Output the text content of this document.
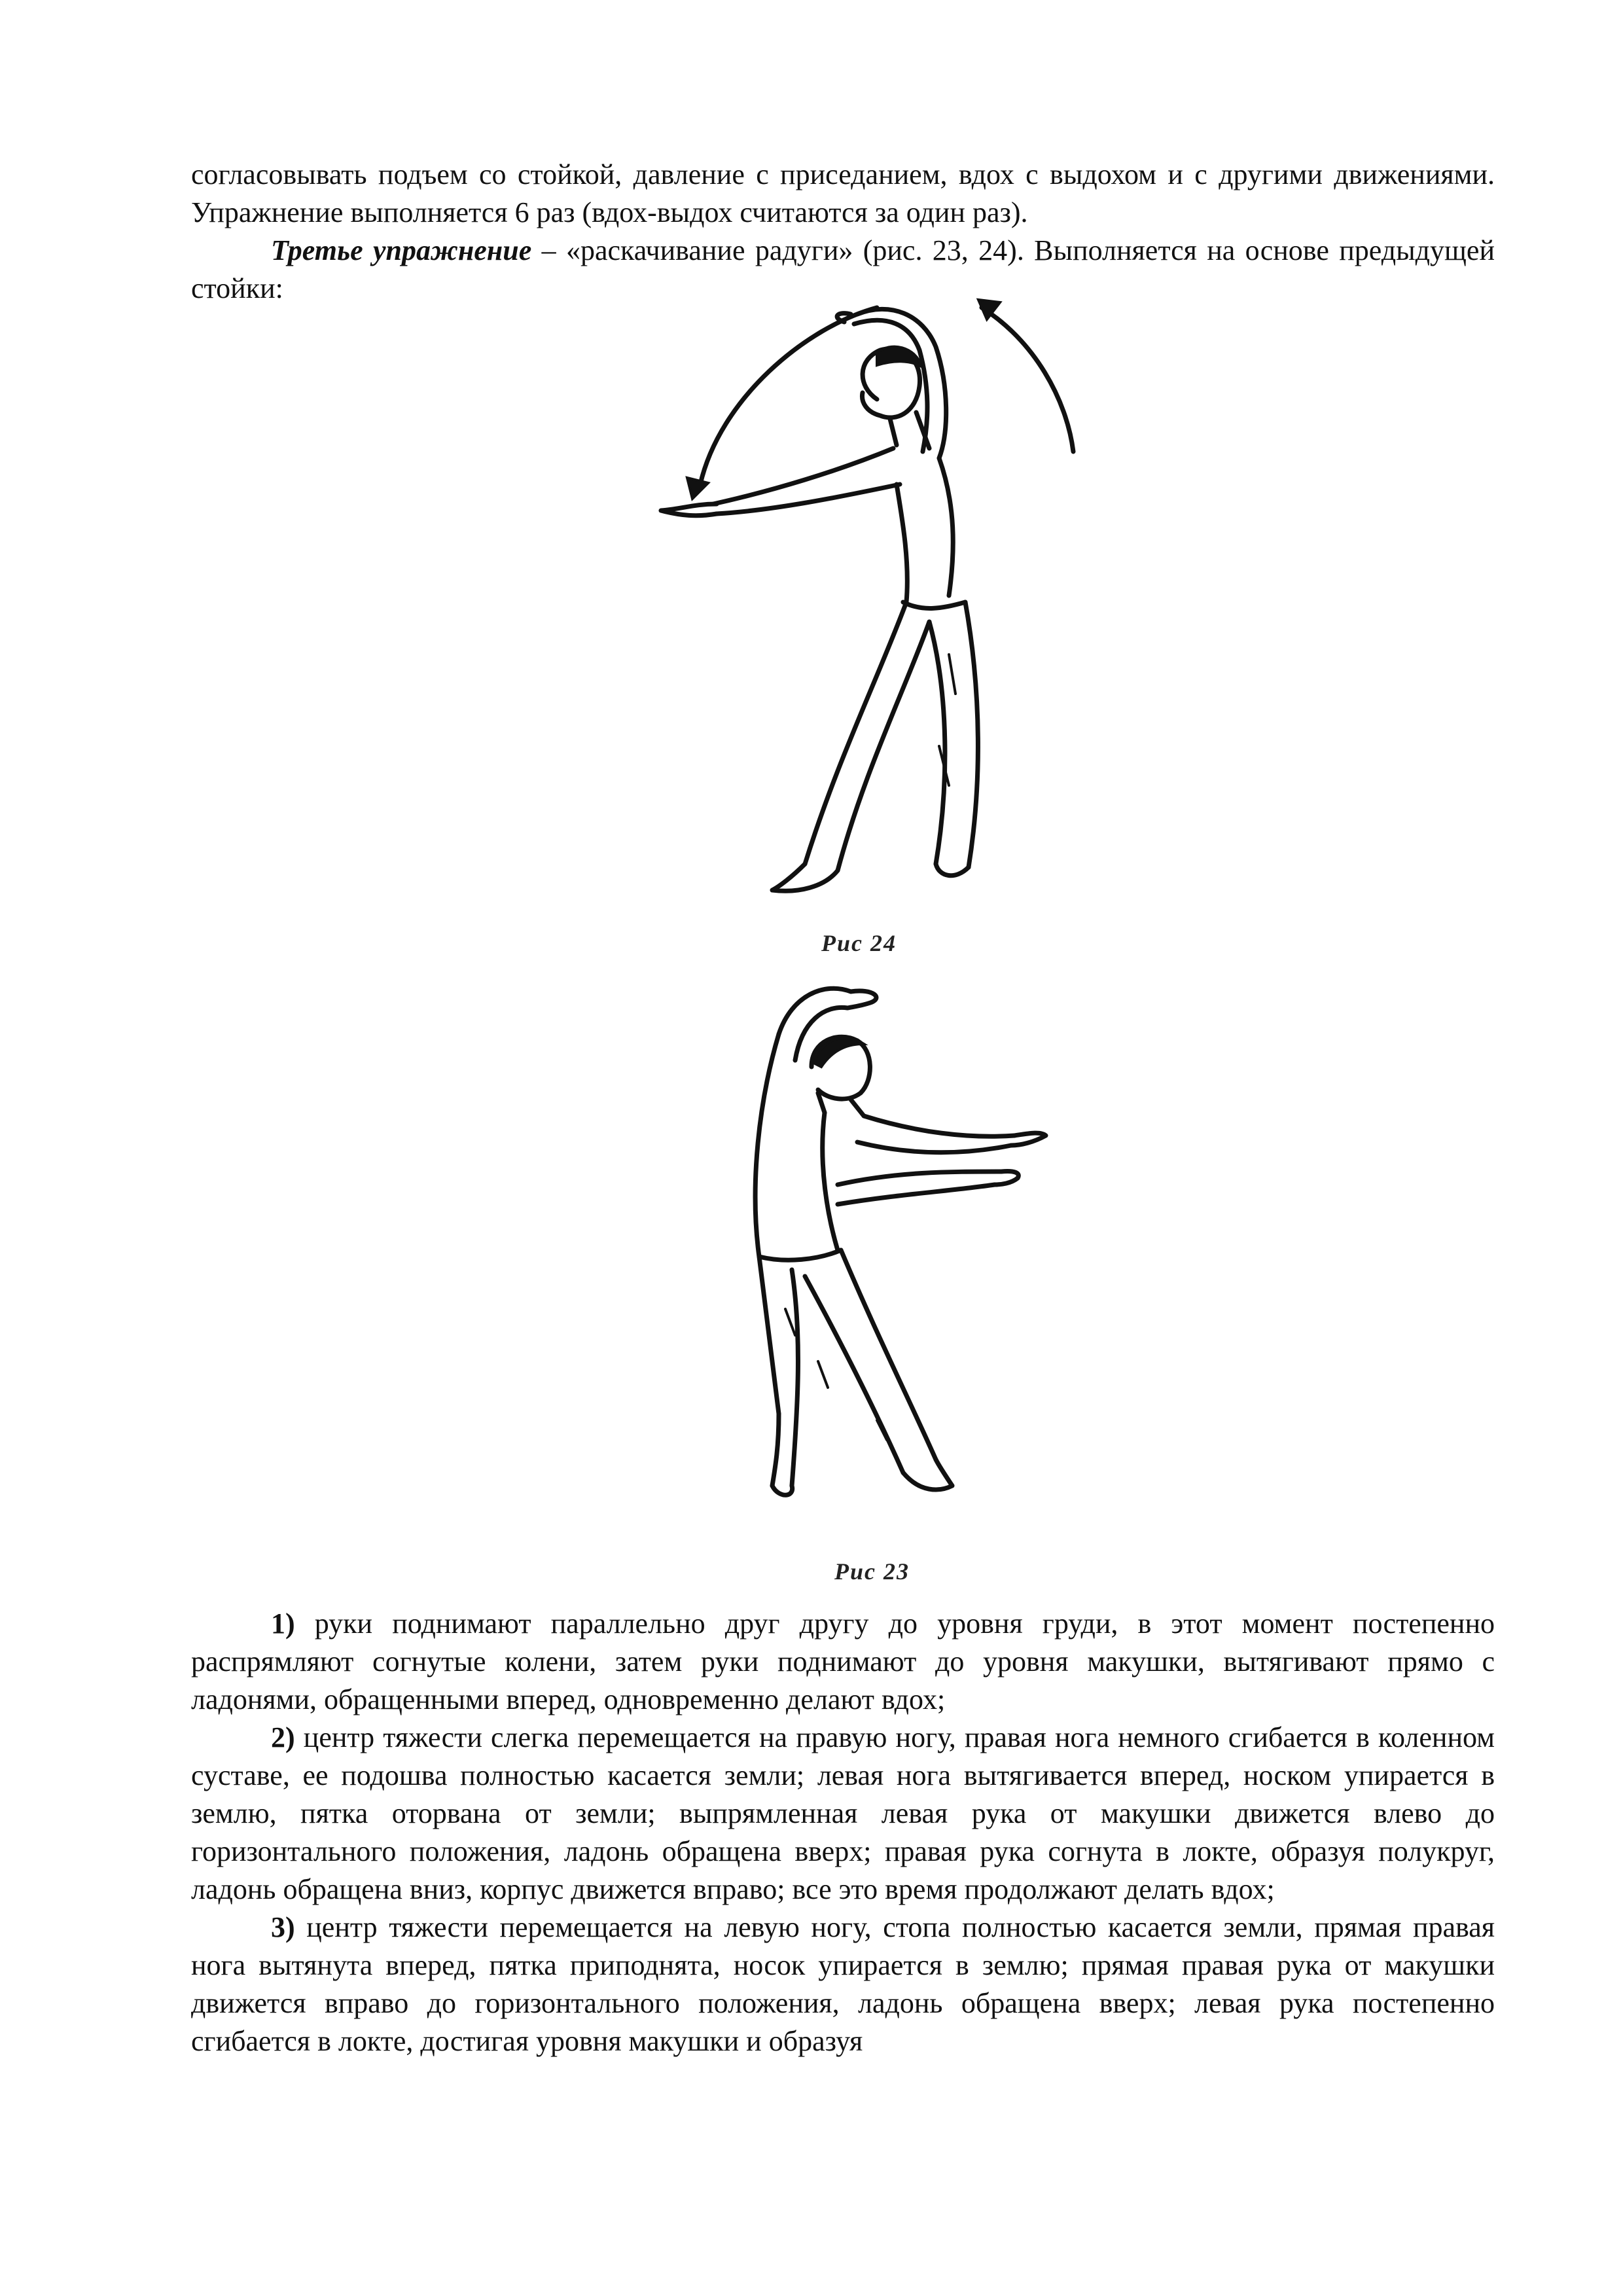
согласовывать подъем со стойкой, давление с приседанием, вдох с выдохом и с другими движениями. Упражнение выполняется 6 раз (вдох-выдох считаются за один раз).

Третье упражнение – «раскачивание радуги» (рис. 23, 24). Выполняется на основе предыдущей стойки:

Рис 24
Рис 23

1) руки поднимают параллельно друг другу до уровня груди, в этот момент постепенно распрямляют согнутые колени, затем руки поднимают до уровня макушки, вытягивают прямо с ладонями, обращенными вперед, одновременно делают вдох;

2) центр тяжести слегка перемещается на правую ногу, правая нога немного сгибается в коленном суставе, ее подошва полностью касается земли; левая нога вытягивается вперед, носком упирается в землю, пятка оторвана от земли; выпрямленная левая рука от макушки движется влево до горизонтального положения, ладонь обращена вверх; правая рука согнута в локте, образуя полукруг, ладонь обращена вниз, корпус движется вправо; все это время продолжают делать вдох;

3) центр тяжести перемещается на левую ногу, стопа полностью касается земли, прямая правая нога вытянута вперед, пятка приподнята, носок упирается в землю; прямая правая рука от макушки движется вправо до горизонтального положения, ладонь обращена вверх; левая рука постепенно сгибается в локте, достигая уровня макушки и образуя
